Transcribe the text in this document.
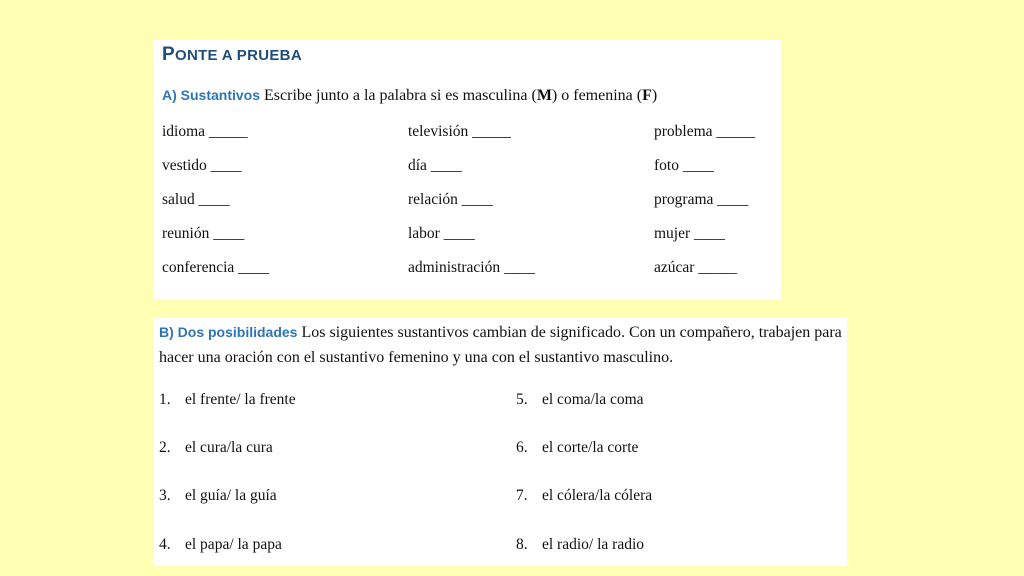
PONTE A PRUEBA
A) Sustantivos Escribe junto a la palabra si es masculina (M) o femenina (F)
idioma _____	televisión _____	problema _____
vestido ____	día ____	foto ____
salud ____	relación ____	programa ____
reunión ____	labor ____	mujer ____
conferencia ____	administración ____	azúcar _____
B) Dos posibilidades Los siguientes sustantivos cambian de significado. Con un compañero, trabajen para hacer una oración con el sustantivo femenino y una con el sustantivo masculino.
1. el frente/ la frente
2. el cura/la cura
3. el guía/ la guía
4. el papa/ la papa
5. el coma/la coma
6. el corte/la corte
7. el cólera/la cólera
8. el radio/ la radio
